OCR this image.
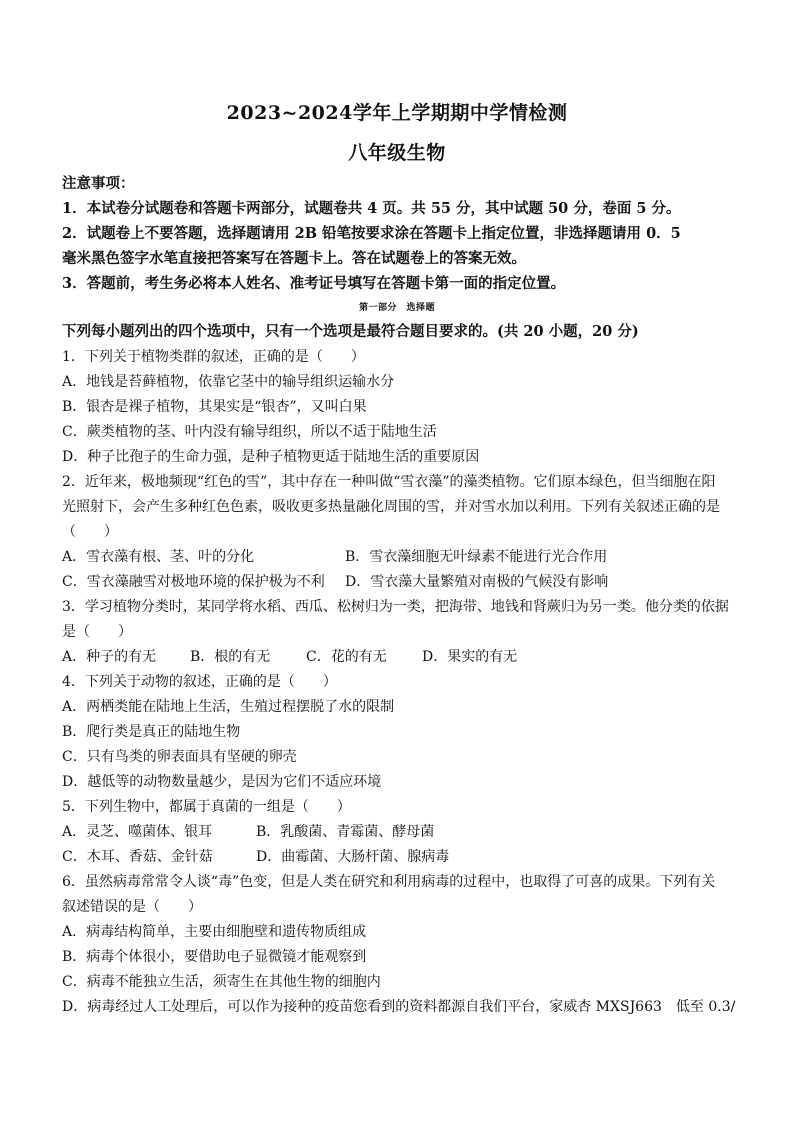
2023~2024学年上学期期中学情检测
八年级生物
注意事项：
1．本试卷分试题卷和答题卡两部分，试题卷共 4 页。共 55 分，其中试题 50 分，卷面 5 分。
2．试题卷上不要答题，选择题请用 2B 铅笔按要求涂在答题卡上指定位置，非选择题请用 0．5
毫米黑色签字水笔直接把答案写在答题卡上。答在试题卷上的答案无效。
3．答题前，考生务必将本人姓名、准考证号填写在答题卡第一面的指定位置。
第一部分　选择题
下列每小题列出的四个选项中，只有一个选项是最符合题目要求的。(共 20 小题，20 分)
1．下列关于植物类群的叙述，正确的是（　　）
A．地钱是苔藓植物，依靠它茎中的输导组织运输水分
B．银杏是裸子植物，其果实是“银杏”，又叫白果
C．蕨类植物的茎、叶内没有输导组织，所以不适于陆地生活
D．种子比孢子的生命力强，是种子植物更适于陆地生活的重要原因
2．近年来，极地频现“红色的雪”，其中存在一种叫做“雪衣藻”的藻类植物。它们原本绿色，但当细胞在阳
光照射下，会产生多种红色色素，吸收更多热量融化周围的雪，并对雪水加以利用。下列有关叙述正确的是
（　　）
A．雪衣藻有根、茎、叶的分化	B．雪衣藻细胞无叶绿素不能进行光合作用
C．雪衣藻融雪对极地环境的保护极为不利 D．雪衣藻大量繁殖对南极的气候没有影响
3．学习植物分类时，某同学将水稻、西瓜、松树归为一类，把海带、地钱和肾蕨归为另一类。他分类的依据
是（　　）
A．种子的有无 B．根的有无	C．花的有无	D．果实的有无
4．下列关于动物的叙述，正确的是（　　）
A．两栖类能在陆地上生活，生殖过程摆脱了水的限制
B．爬行类是真正的陆地生物
C．只有鸟类的卵表面具有坚硬的卵壳
D．越低等的动物数量越少，是因为它们不适应环境
5．下列生物中，都属于真菌的一组是（　　）
A．灵芝、噬菌体、银耳	B．乳酸菌、青霉菌、酵母菌
C．木耳、香菇、金针菇	D．曲霉菌、大肠杆菌、腺病毒
6．虽然病毒常常令人谈“毒”色变，但是人类在研究和利用病毒的过程中，也取得了可喜的成果。下列有关
叙述错误的是（　　）
A．病毒结构简单，主要由细胞壁和遗传物质组成
B．病毒个体很小，要借助电子显微镜才能观察到
C．病毒不能独立生活，须寄生在其他生物的细胞内
D．病毒经过人工处理后，可以作为接种的疫苗您看到的资料都源自我们平台，家威杏 MXSJ663　低至 0.3/
